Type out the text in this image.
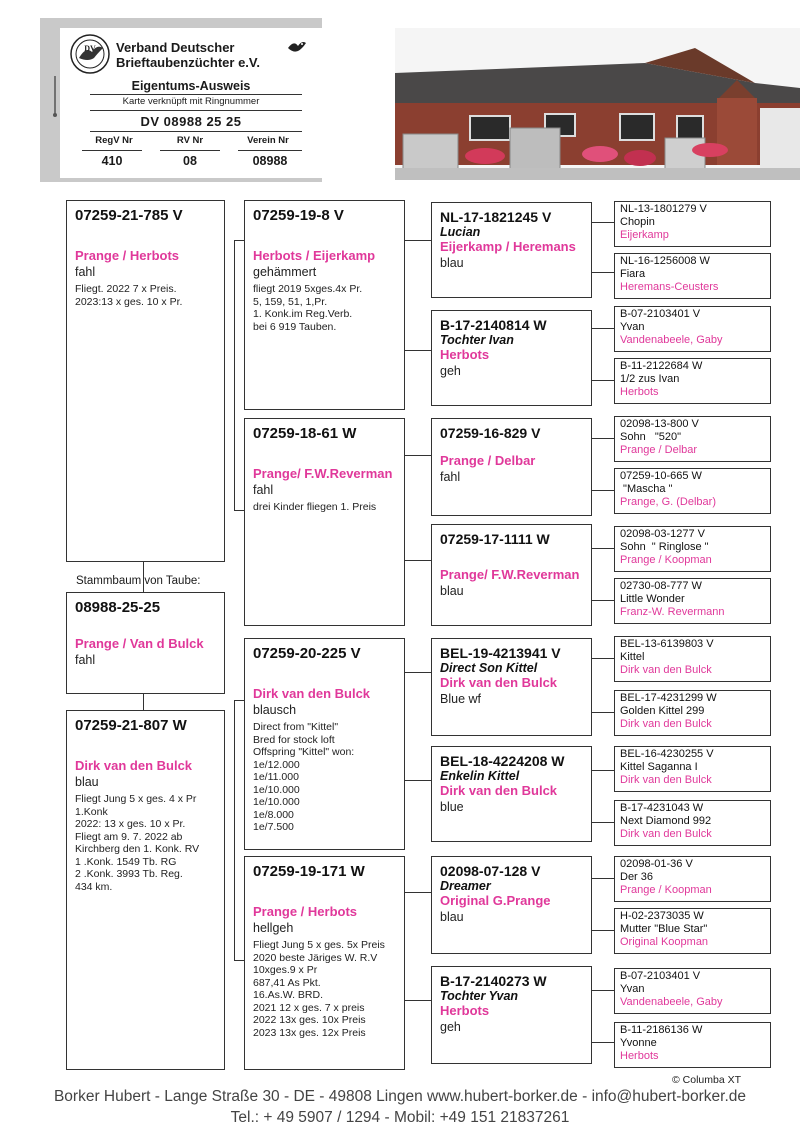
DV Verband Deutscher
Brieftaubenzüchter e.V.
Eigentums-Ausweis
Karte verknüpft mit Ringnummer
DV 08988 25 25
RegV Nr	RV Nr	Verein Nr
410	08	08988
07259-21-785 V
Prange / Herbots
fahl
Fliegt. 2022 7 x Preis.
2023:13 x ges. 10 x Pr.
Stammbaum von Taube:
08988-25-25
Prange / Van d Bulck
fahl
07259-21-807 W
Dirk van den Bulck
blau
Fliegt Jung 5 x ges. 4 x Pr
1.Konk
2022: 13 x ges. 10 x Pr.
Fliegt am 9. 7. 2022 ab
Kirchberg den 1. Konk. RV
1 .Konk. 1549 Tb. RG
2 .Konk. 3993 Tb. Reg.
434 km.
07259-19-8 V
Herbots / Eijerkamp
gehämmert
fliegt 2019 5xges.4x Pr.
5, 159, 51, 1,Pr.
1. Konk.im Reg.Verb.
bei 6 919 Tauben.
07259-18-61 W
Prange/ F.W.Reverman
fahl
drei Kinder fliegen 1. Preis
07259-20-225 V
Dirk van den Bulck
blausch
Direct from "Kittel"
Bred for stock loft
Offspring "Kittel" won:
1e/12.000
1e/11.000
1e/10.000
1e/10.000
1e/8.000
1e/7.500
07259-19-171 W
Prange / Herbots
hellgeh
Fliegt Jung 5 x ges. 5x Preis
2020 beste Järiges W. R.V
10xges.9 x Pr
687,41 As Pkt.
16.As.W. BRD.
2021 12 x ges. 7 x preis
2022 13x ges. 10x Preis
2023 13x ges. 12x Preis
NL-17-1821245 V
Lucian
Eijerkamp / Heremans
blau
B-17-2140814 W
Tochter Ivan
Herbots
geh
07259-16-829 V
Prange / Delbar
fahl
07259-17-1111 W
Prange/ F.W.Reverman
blau
BEL-19-4213941 V
Direct Son Kittel
Dirk van den Bulck
Blue wf
BEL-18-4224208 W
Enkelin Kittel
Dirk van den Bulck
blue
02098-07-128 V
Dreamer
Original G.Prange
blau
B-17-2140273 W
Tochter Yvan
Herbots
geh
NL-13-1801279 V
Chopin
Eijerkamp
NL-16-1256008 W
Fiara
Heremans-Ceusters
B-07-2103401 V
Yvan
Vandenabeele, Gaby
B-11-2122684 W
1/2 zus Ivan
Herbots
02098-13-800 V
Sohn   "520"
Prange / Delbar
07259-10-665 W
"Mascha "
Prange, G. (Delbar)
02098-03-1277 V
Sohn  " Ringlose "
Prange / Koopman
02730-08-777 W
Little Wonder
Franz-W. Revermann
BEL-13-6139803 V
Kittel
Dirk van den Bulck
BEL-17-4231299 W
Golden Kittel 299
Dirk van den Bulck
BEL-16-4230255 V
Kittel Saganna I
Dirk van den Bulck
B-17-4231043 W
Next Diamond 992
Dirk van den Bulck
02098-01-36 V
Der 36
Prange / Koopman
H-02-2373035 W
Mutter "Blue Star"
Original Koopman
B-07-2103401 V
Yvan
Vandenabeele, Gaby
B-11-2186136 W
Yvonne
Herbots
© Columba XT
Borker Hubert - Lange Straße 30 - DE - 49808 Lingen www.hubert-borker.de - info@hubert-borker.de
Tel.: + 49 5907 / 1294 - Mobil: +49 151 21837261
